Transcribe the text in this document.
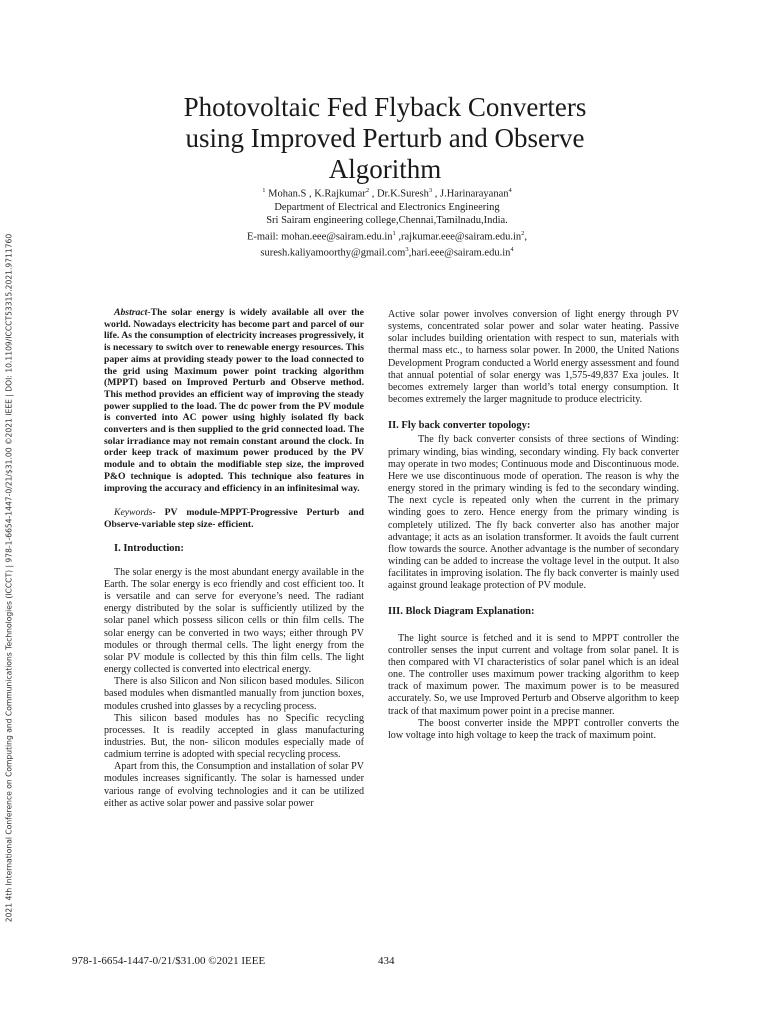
2021 4th International Conference on Computing and Communications Technologies (ICCCT) | 978-1-6654-1447-0/21/$31.00 ©2021 IEEE | DOI: 10.1109/ICCCT53315.2021.9711760
Photovoltaic Fed Flyback Converters
using Improved Perturb and Observe
Algorithm
$^1$ Mohan.S , K.Rajkumar$^2$ , Dr.K.Suresh$^3$ , J.Harinarayanan$^4$
Department of Electrical and Electronics Engineering
Sri Sairam engineering college,Chennai,Tamilnadu,India.
E-mail: $mohan.eee@sairam.edu.in^1$ $,rajkumar.eee@sairam.edu.in^2$,
$suresh.kaliyamoorthy@gmail.com^3,hari.eee@sairam.edu.in^4$

Abstract-The solar energy is widely available all over the world. Nowadays electricity has become part and parcel of our life. As the consumption of electricity increases progressively, it is necessary to switch over to renewable energy resources. This paper aims at providing steady power to the load connected to the grid using Maximum power point tracking algorithm (MPPT) based on Improved Perturb and Observe method. This method provides an efficient way of improving the steady power supplied to the load. The dc power from the PV module is converted into AC power using highly isolated fly back converters and is then supplied to the grid connected load. The solar irradiance may not remain constant around the clock. In order keep track of maximum power produced by the PV module and to obtain the modifiable step size, the improved P&O technique is adopted. This technique also features in improving the accuracy and efficiency in an infinitesimal way.

Keywords- PV module-MPPT-Progressive Perturb and Observe-variable step size- efficient.

I. Introduction:

The solar energy is the most abundant energy available in the Earth. The solar energy is eco friendly and cost efficient too. It is versatile and can serve for everyone’s need. The radiant energy distributed by the solar is sufficiently utilized by the solar panel which possess silicon cells or thin film cells. The solar energy can be converted in two ways; either through PV modules or through thermal cells. The light energy from the solar PV module is collected by this thin film cells. The light energy collected is converted into electrical energy.

There is also Silicon and Non silicon based modules. Silicon based modules when dismantled manually from junction boxes, modules crushed into glasses by a recycling process.

This silicon based modules has no Specific recycling processes. It is readily accepted in glass manufacturing industries. But, the non- silicon modules especially made of cadmium terrine is adopted with special recycling process.

Apart from this, the Consumption and installation of solar PV modules increases significantly. The solar is harnessed under various range of evolving technologies and it can be utilized either as active solar power and passive solar power

Active solar power involves conversion of light energy through PV systems, concentrated solar power and solar water heating. Passive solar includes building orientation with respect to sun, materials with thermal mass etc., to harness solar power. In 2000, the United Nations Development Program conducted a World energy assessment and found that annual potential of solar energy was 1,575-49,837 Exa joules. It becomes extremely larger than world’s total energy consumption. It becomes extremely the larger magnitude to produce electricity.

II. Fly back converter topology:

The fly back converter consists of three sections of Winding: primary winding, bias winding, secondary winding. Fly back converter may operate in two modes; Continuous mode and Discontinuous mode. Here we use discontinuous mode of operation. The reason is why the energy stored in the primary winding is fed to the secondary winding. The next cycle is repeated only when the current in the primary winding goes to zero. Hence energy from the primary winding is completely utilized. The fly back converter also has another major advantage; it acts as an isolation transformer. It avoids the fault current flow towards the source. Another advantage is the number of secondary winding can be added to increase the voltage level in the output. It also facilitates in improving isolation. The fly back converter is mainly used against ground leakage protection of PV module.

III. Block Diagram Explanation:

The light source is fetched and it is send to MPPT controller the controller senses the input current and voltage from solar panel. It is then compared with VI characteristics of solar panel which is an ideal one. The controller uses maximum power tracking algorithm to keep track of maximum power. The maximum power is to be measured accurately. So, we use Improved Perturb and Observe algorithm to keep track of that maximum power point in a precise manner.

The boost converter inside the MPPT controller converts the low voltage into high voltage to keep the track of maximum point.

978-1-6654-1447-0/21/$31.00 ©2021 IEEE	434
